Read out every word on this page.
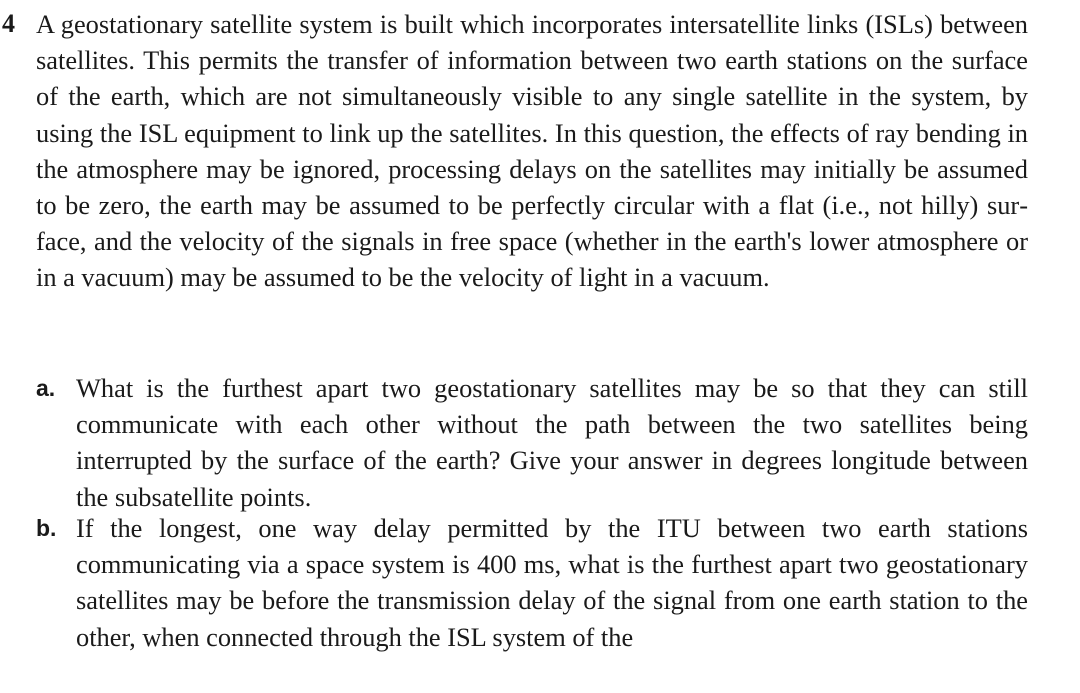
4 A geostationary satellite system is built which incorporates intersatellite links (ISLs) between satellites. This permits the transfer of information between two earth stations on the surface of the earth, which are not simultaneously visible to any single satellite in the system, by using the ISL equipment to link up the satellites. In this question, the effects of ray bending in the atmosphere may be ignored, processing delays on the satellites may initially be assumed to be zero, the earth may be assumed to be perfectly circular with a flat (i.e., not hilly) surface, and the velocity of the signals in free space (whether in the earth's lower atmosphere or in a vacuum) may be assumed to be the velocity of light in a vacuum.

a. What is the furthest apart two geostationary satellites may be so that they can still communicate with each other without the path between the two satellites being interrupted by the surface of the earth? Give your answer in degrees longitude between the subsatellite points.
b. If the longest, one way delay permitted by the ITU between two earth stations communicating via a space system is 400 ms, what is the furthest apart two geostationary satellites may be before the transmission delay of the signal from one earth station to the other, when connected through the ISL system of the
